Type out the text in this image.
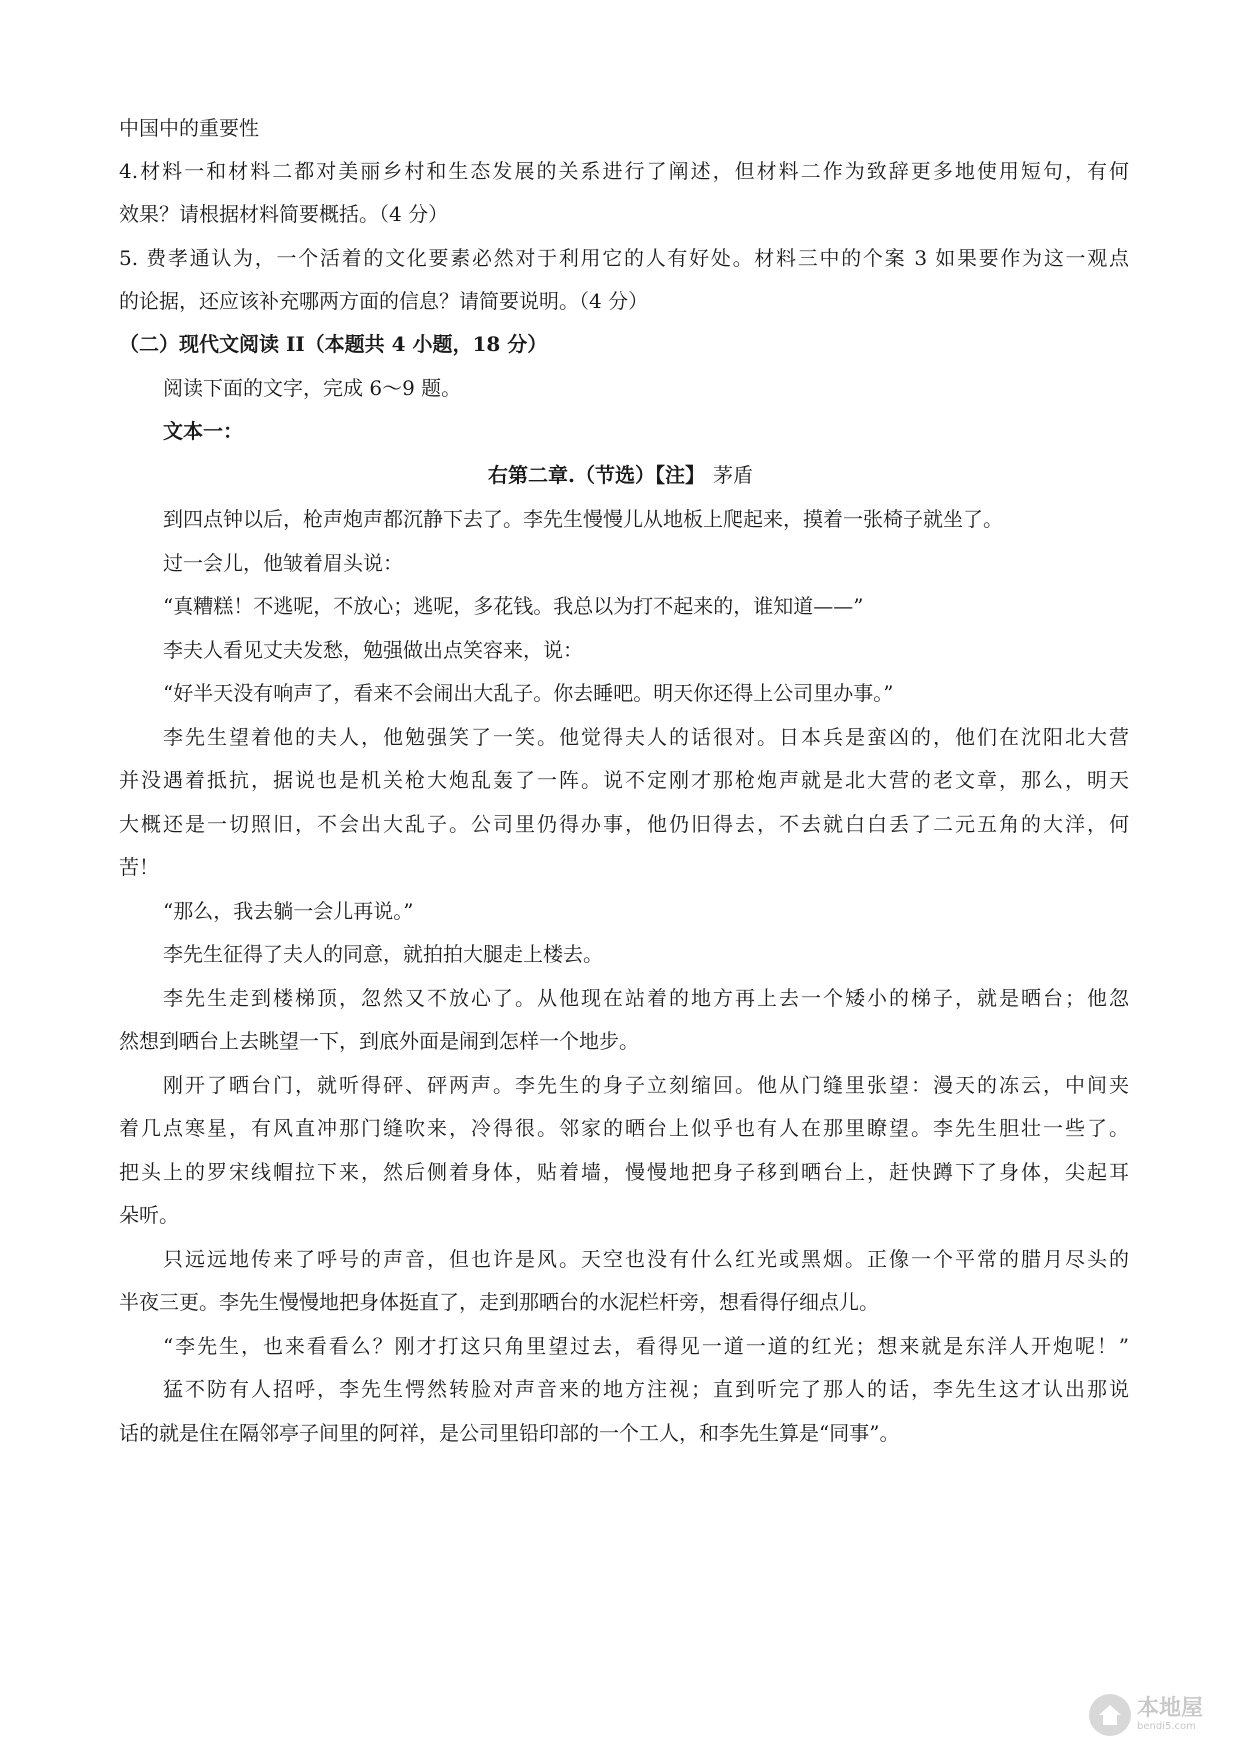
中国中的重要性
4.材料一和材料二都对美丽乡村和生态发展的关系进行了阐述，但材料二作为致辞更多地使用短句，有何
效果？请根据材料简要概括。（4 分）
5. 费孝通认为，一个活着的文化要素必然对于利用它的人有好处。材料三中的个案 3 如果要作为这一观点
的论据，还应该补充哪两方面的信息？请简要说明。（4 分）
（二）现代文阅读 II（本题共 4 小题，18 分）
阅读下面的文字，完成 6～9 题。
文本一：
右第二章.（节选）【注】 茅盾
到四点钟以后，枪声炮声都沉静下去了。李先生慢慢儿从地板上爬起来，摸着一张椅子就坐了。
过一会儿，他皱着眉头说：
“真糟糕！不逃呢，不放心；逃呢，多花钱。我总以为打不起来的，谁知道——”
李夫人看见丈夫发愁，勉强做出点笑容来，说：
“好半天没有响声了，看来不会闹出大乱子。你去睡吧。明天你还得上公司里办事。”
李先生望着他的夫人，他勉强笑了一笑。他觉得夫人的话很对。日本兵是蛮凶的，他们在沈阳北大营
并没遇着抵抗，据说也是机关枪大炮乱轰了一阵。说不定刚才那枪炮声就是北大营的老文章，那么，明天
大概还是一切照旧，不会出大乱子。公司里仍得办事，他仍旧得去，不去就白白丢了二元五角的大洋，何
苦！
“那么，我去躺一会儿再说。”
李先生征得了夫人的同意，就拍拍大腿走上楼去。
李先生走到楼梯顶，忽然又不放心了。从他现在站着的地方再上去一个矮小的梯子，就是晒台；他忽
然想到晒台上去眺望一下，到底外面是闹到怎样一个地步。
刚开了晒台门，就听得砰、砰两声。李先生的身子立刻缩回。他从门缝里张望：漫天的冻云，中间夹
着几点寒星，有风直冲那门缝吹来，冷得很。邻家的晒台上似乎也有人在那里瞭望。李先生胆壮一些了。
把头上的罗宋线帽拉下来，然后侧着身体，贴着墙，慢慢地把身子移到晒台上，赶快蹲下了身体，尖起耳
朵听。
只远远地传来了呼号的声音，但也许是风。天空也没有什么红光或黑烟。正像一个平常的腊月尽头的
半夜三更。李先生慢慢地把身体挺直了，走到那晒台的水泥栏杆旁，想看得仔细点儿。
“李先生，也来看看么？刚才打这只角里望过去，看得见一道一道的红光；想来就是东洋人开炮呢！”
猛不防有人招呼，李先生愕然转脸对声音来的地方注视；直到听完了那人的话，李先生这才认出那说
话的就是住在隔邻亭子间里的阿祥，是公司里铅印部的一个工人，和李先生算是“同事”。
本地屋
bendi5.com
